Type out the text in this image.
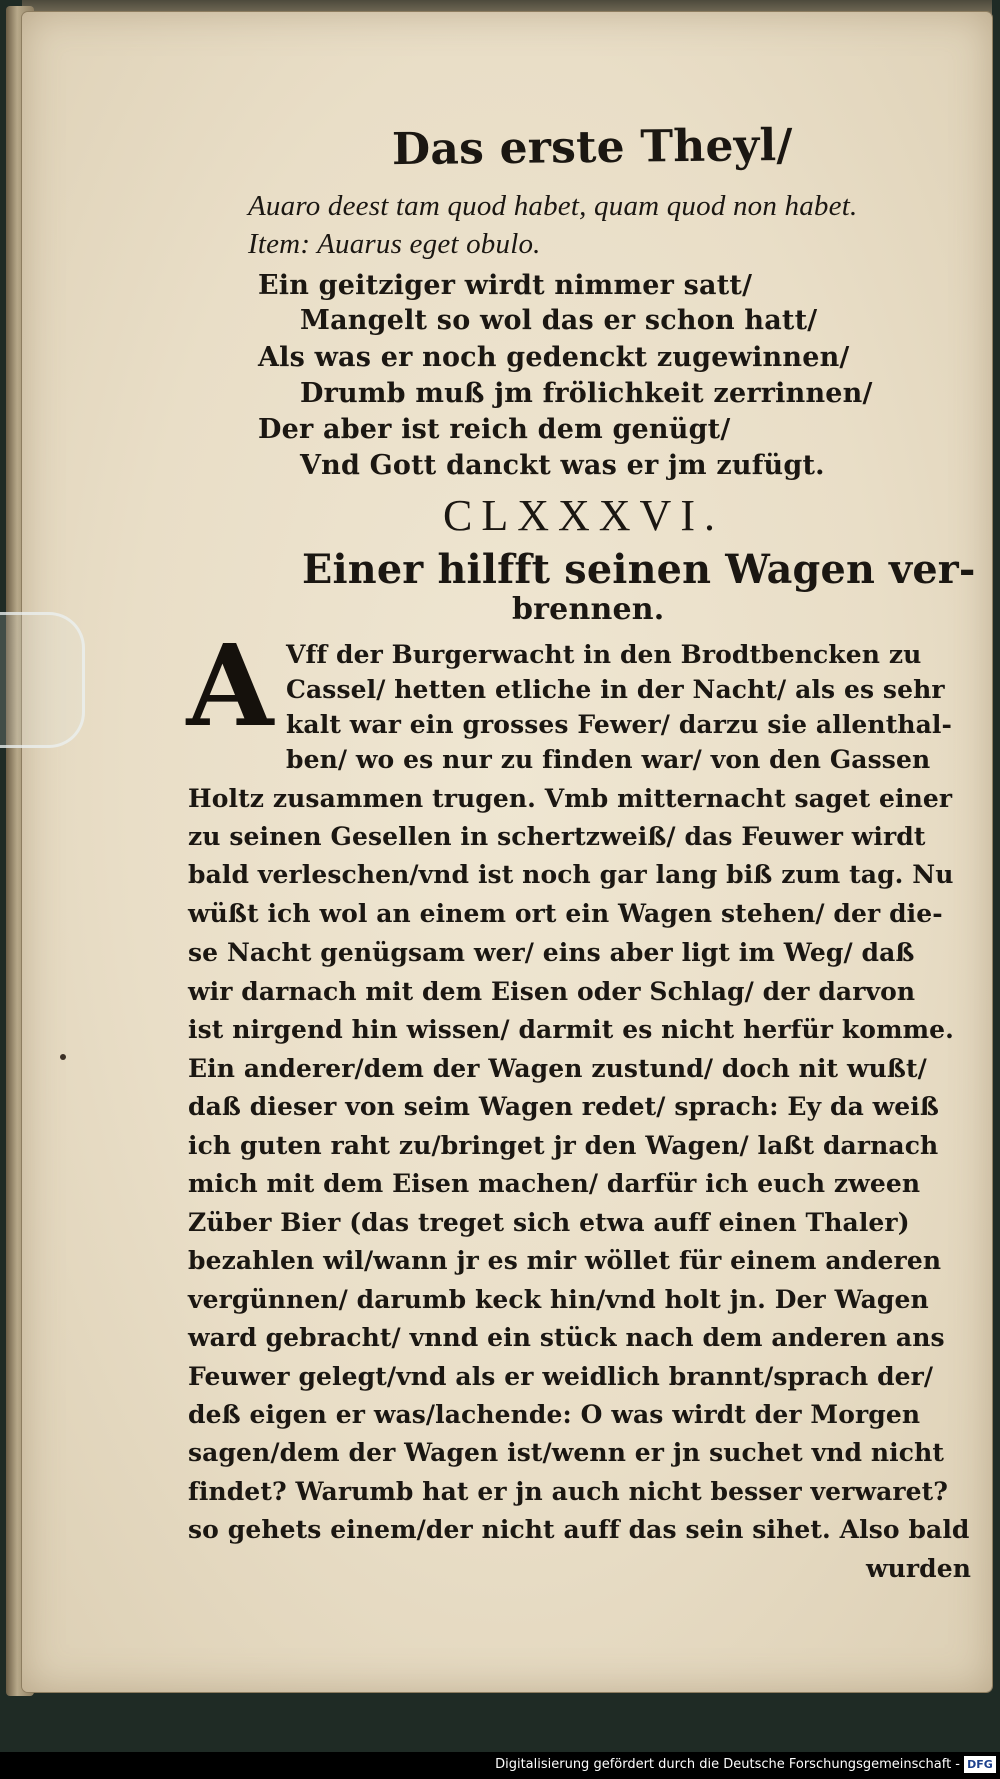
Das erste Theyl/
Auaro deest tam quod habet, quam quod non habet.
Item: Auarus eget obulo.
Ein geitziger wirdt nimmer satt/
Mangelt so wol das er schon hatt/
Als was er noch gedenckt zugewinnen/
Drumb muß jm frölichkeit zerrinnen/
Der aber ist reich dem genügt/
Vnd Gott danckt was er jm zufügt.
CLXXXVI.
Einer hilfft seinen Wagen ver-
brennen.
A Vff der Burgerwacht in den Brodtbencken zu
Cassel/ hetten etliche in der Nacht/ als es sehr
kalt war ein grosses Fewer/ darzu sie allenthal-
ben/ wo es nur zu finden war/ von den Gassen
Holtz zusammen trugen. Vmb mitternacht saget einer
zu seinen Gesellen in schertzweiß/ das Feuwer wirdt
bald verleschen/vnd ist noch gar lang biß zum tag. Nu
wüßt ich wol an einem ort ein Wagen stehen/ der die-
se Nacht genügsam wer/ eins aber ligt im Weg/ daß
wir darnach mit dem Eisen oder Schlag/ der darvon
ist nirgend hin wissen/ darmit es nicht herfür komme.
Ein anderer/dem der Wagen zustund/ doch nit wußt/
daß dieser von seim Wagen redet/ sprach: Ey da weiß
ich guten raht zu/bringet jr den Wagen/ laßt darnach
mich mit dem Eisen machen/ darfür ich euch zween
Züber Bier (das treget sich etwa auff einen Thaler)
bezahlen wil/wann jr es mir wöllet für einem anderen
vergünnen/ darumb keck hin/vnd holt jn. Der Wagen
ward gebracht/ vnnd ein stück nach dem anderen ans
Feuwer gelegt/vnd als er weidlich brannt/sprach der/
deß eigen er was/lachende: O was wirdt der Morgen
sagen/dem der Wagen ist/wenn er jn suchet vnd nicht
findet? Warumb hat er jn auch nicht besser verwaret?
so gehets einem/der nicht auff das sein sihet. Also bald
wurden
Digitalisierung gefördert durch die Deutsche Forschungsgemeinschaft - DFG
